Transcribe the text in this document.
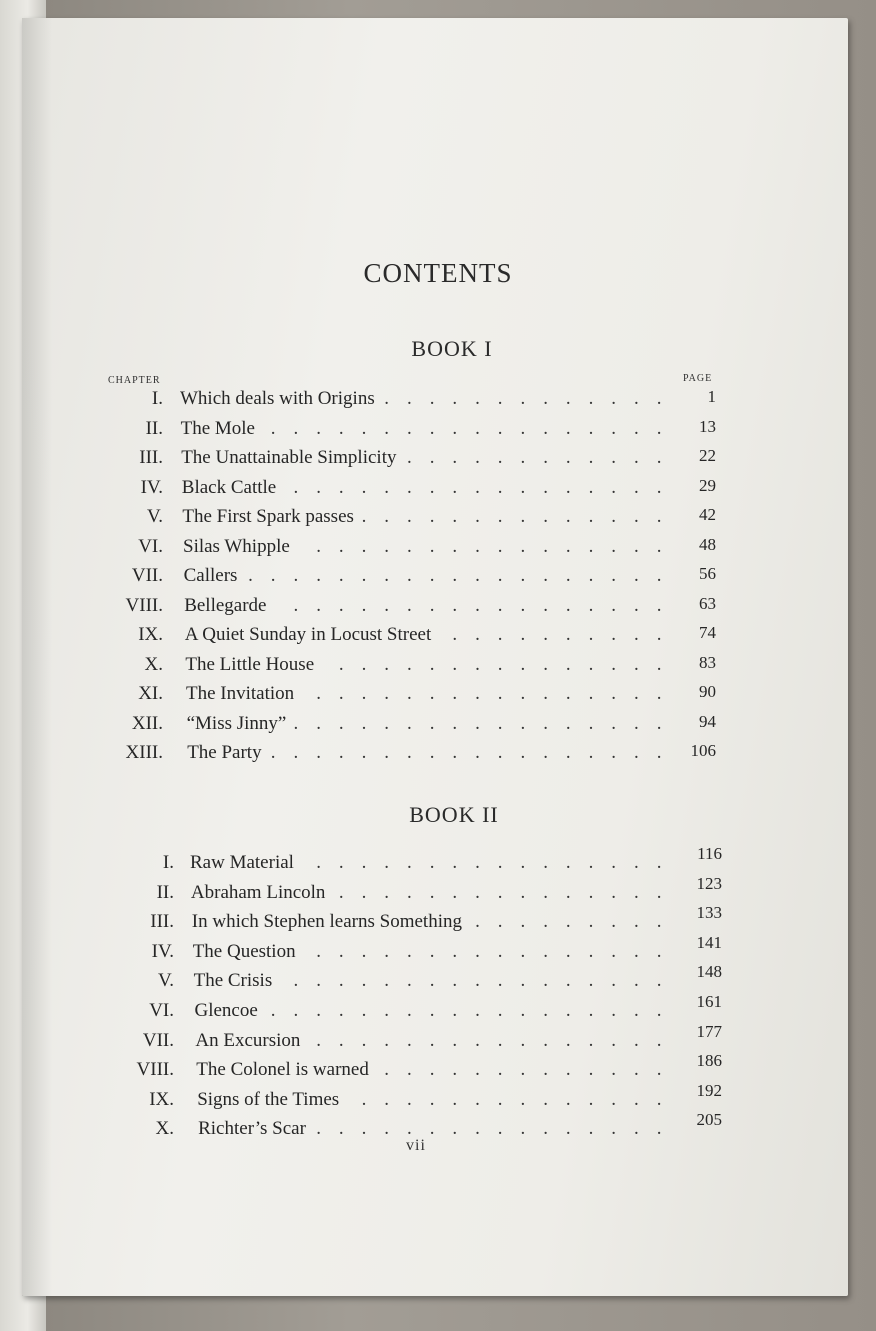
CONTENTS
BOOK I
BOOK II
CHAPTER	PAGE
I. Which deals with Origins . . . . . . . . . . . . .	1
II. The Mole . . . . . . . . . . . . . . . . . .	13
III. The Unattainable Simplicity . . . . . . . . . . . .	22
IV. Black Cattle . . . . . . . . . . . . . . . . .	29
V. The First Spark passes . . . . . . . . . . . . . .	42
VI. Silas Whipple . . . . . . . . . . . . . . . .	48
VII. Callers . . . . . . . . . . . . . . . . . . .	56
VIII. Bellegarde . . . . . . . . . . . . . . . . .	63
IX. A Quiet Sunday in Locust Street . . . . . . . . . .	74
X. The Little House . . . . . . . . . . . . . . .	83
XI. The Invitation . . . . . . . . . . . . . . . .	90
XII. “Miss Jinny” . . . . . . . . . . . . . . . . .	94
XIII. The Party . . . . . . . . . . . . . . . . . .	106
I. Raw Material . . . . . . . . . . . . . . . .	116
II. Abraham Lincoln . . . . . . . . . . . . . . .	123
III. In which Stephen learns Something . . . . . . . . .	133
IV. The Question . . . . . . . . . . . . . . . .	141
V. The Crisis . . . . . . . . . . . . . . . . .	148
VI. Glencoe . . . . . . . . . . . . . . . . . .	161
VII. An Excursion . . . . . . . . . . . . . . . .	177
VIII. The Colonel is warned . . . . . . . . . . . . .	186
IX. Signs of the Times . . . . . . . . . . . . . .	192
X. Richter’s Scar . . . . . . . . . . . . . . . .	205
vii
